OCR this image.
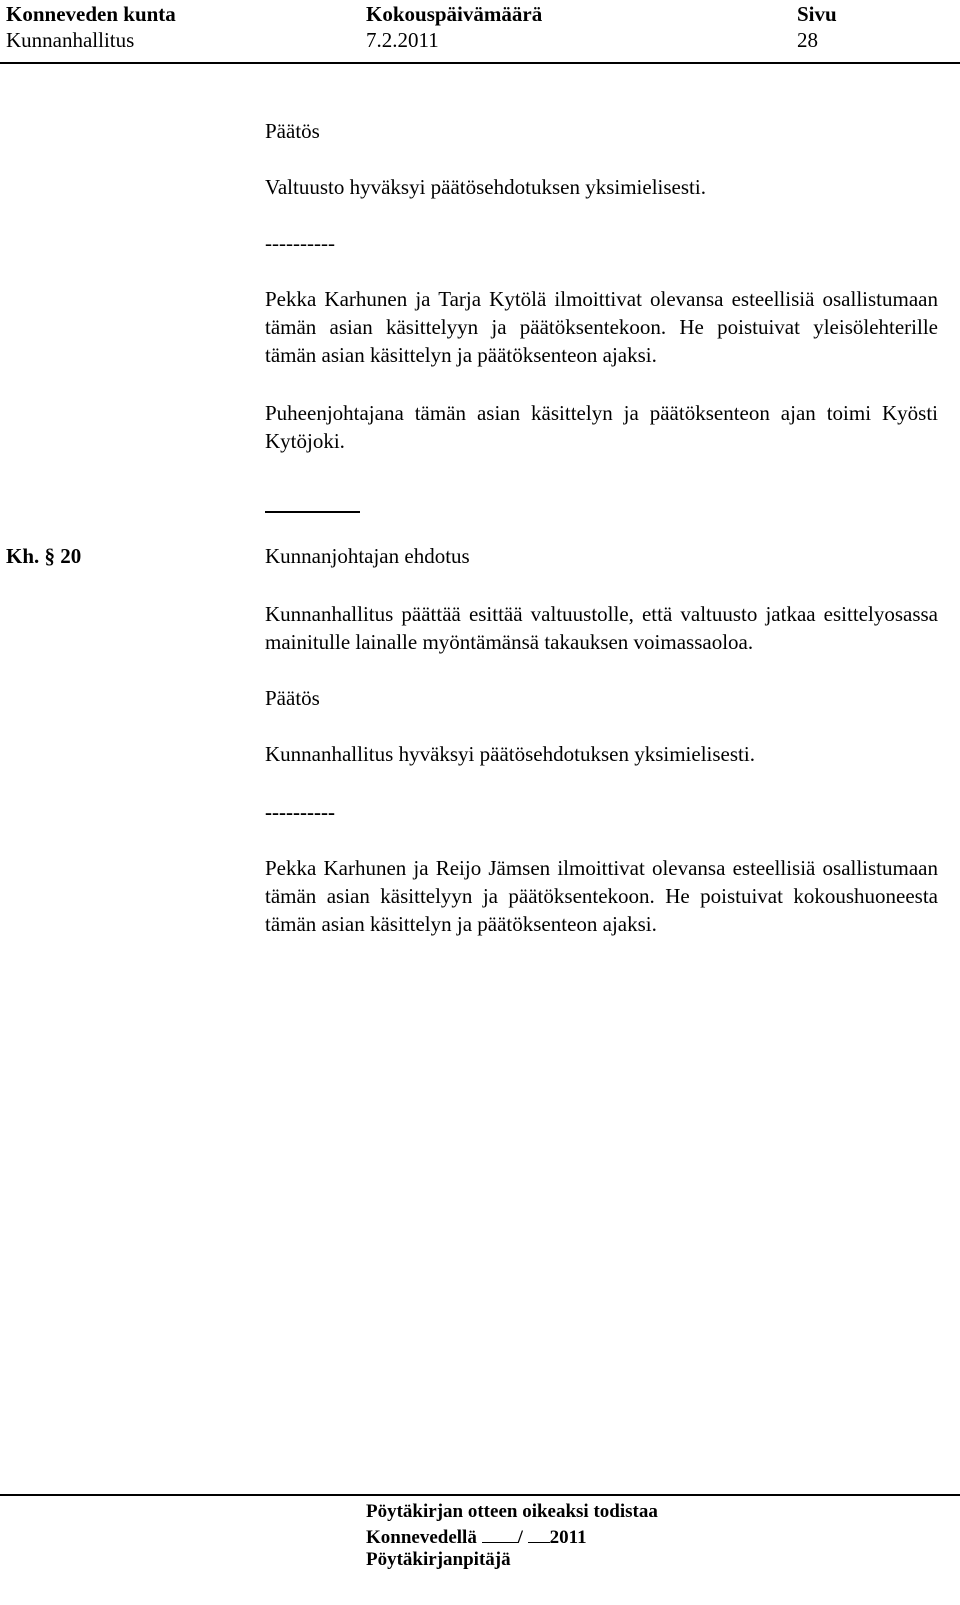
Konneveden kunta
Kunnanhallitus
Kokouspäivämäärä
7.2.2011
Sivu
28
Päätös
Valtuusto hyväksyi päätösehdotuksen yksimielisesti.
----------
Pekka Karhunen ja Tarja Kytölä ilmoittivat olevansa esteellisiä osallistumaan tämän asian käsittelyyn ja päätöksentekoon. He poistuivat yleisölehterille tämän asian käsittelyn ja päätöksenteon ajaksi.
Puheenjohtajana tämän asian käsittelyn ja päätöksenteon ajan toimi Kyösti Kytöjoki.
Kh. § 20	Kunnanjohtajan ehdotus
Kunnanhallitus päättää esittää valtuustolle, että valtuusto jatkaa esittelyosassa mainitulle lainalle myöntämänsä takauksen voimassaoloa.
Päätös
Kunnanhallitus hyväksyi päätösehdotuksen yksimielisesti.
----------
Pekka Karhunen ja Reijo Jämsen ilmoittivat olevansa esteellisiä osallistumaan tämän asian käsittelyyn ja päätöksentekoon. He poistuivat kokoushuoneesta tämän asian käsittelyn ja päätöksenteon ajaksi.
Pöytäkirjan otteen oikeaksi todistaa
Konnevedellä / 2011
Pöytäkirjanpitäjä
